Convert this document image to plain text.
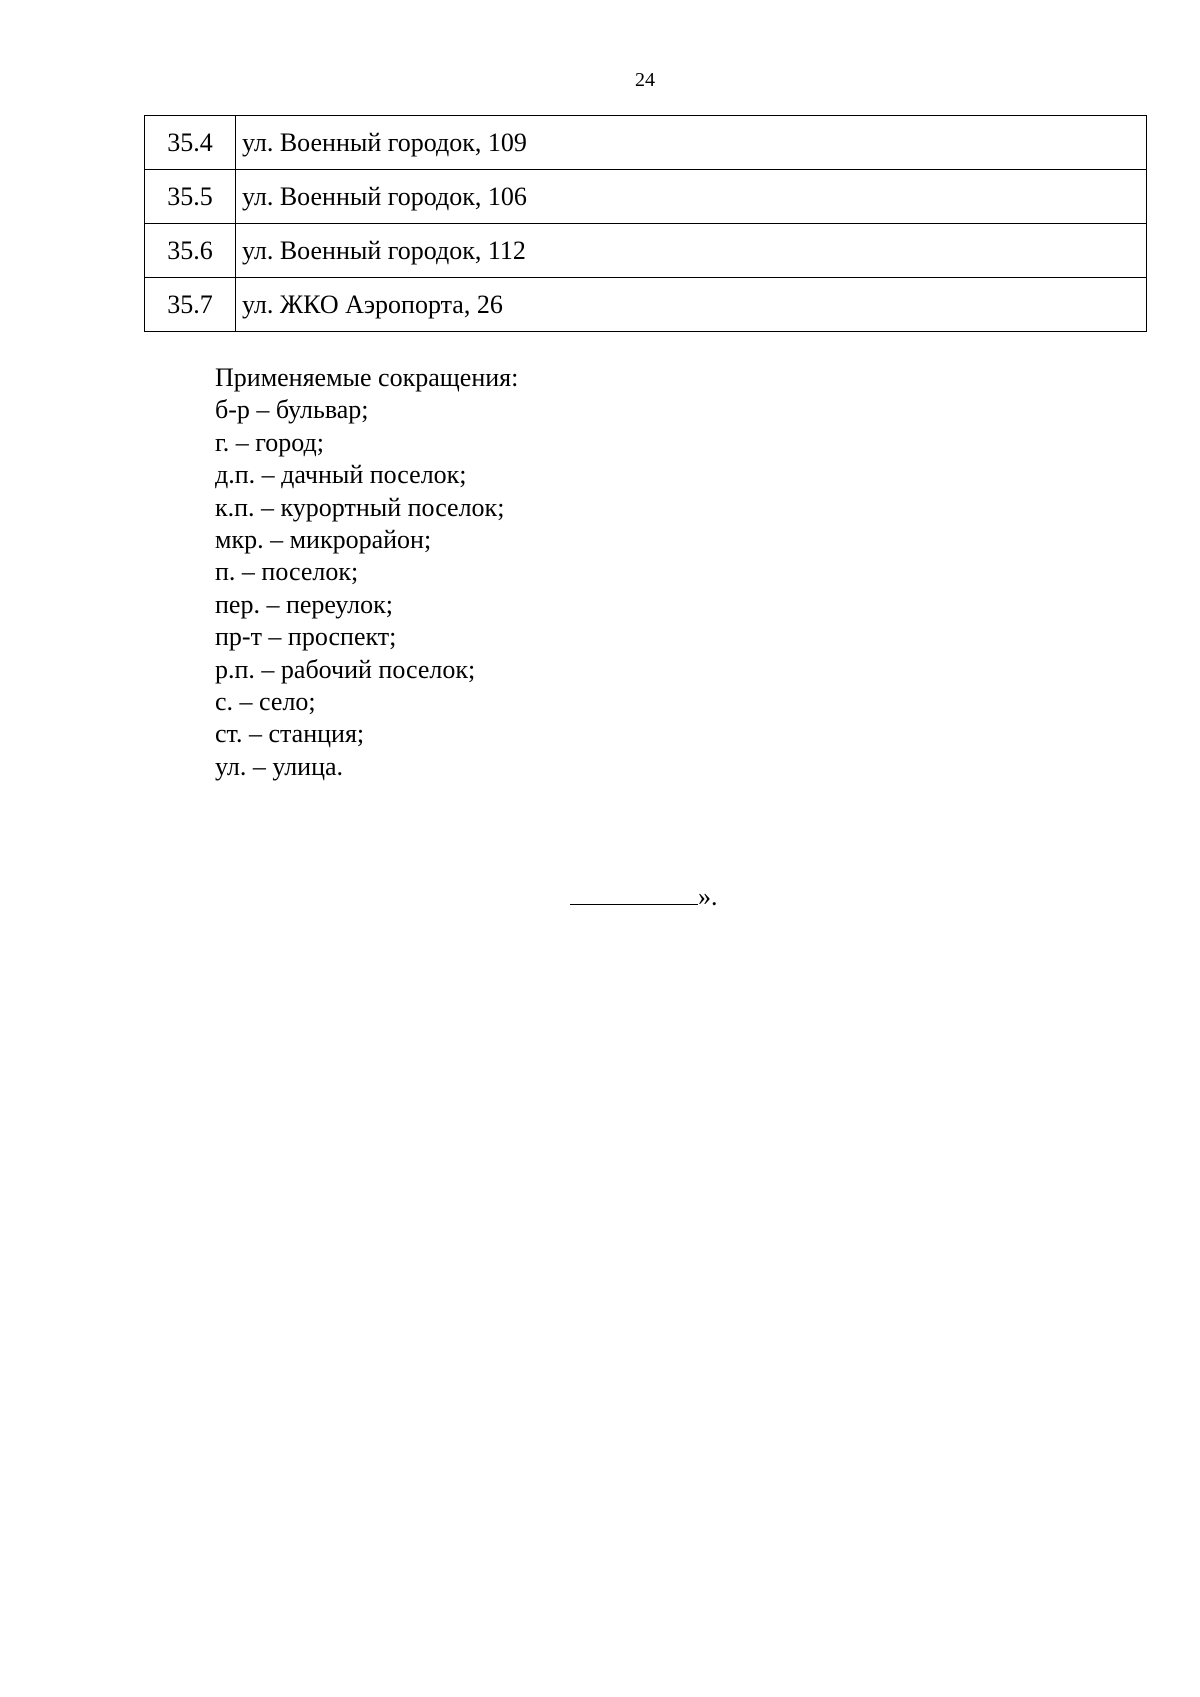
24
35.4	ул. Военный городок, 109
35.5	ул. Военный городок, 106
35.6	ул. Военный городок, 112
35.7	ул. ЖКО Аэропорта, 26
Применяемые сокращения:
б-р – бульвар;
г. – город;
д.п. – дачный поселок;
к.п. – курортный поселок;
мкр. – микрорайон;
п. – поселок;
пер. – переулок;
пр-т – проспект;
р.п. – рабочий поселок;
с. – село;
ст. – станция;
ул. – улица.
».
